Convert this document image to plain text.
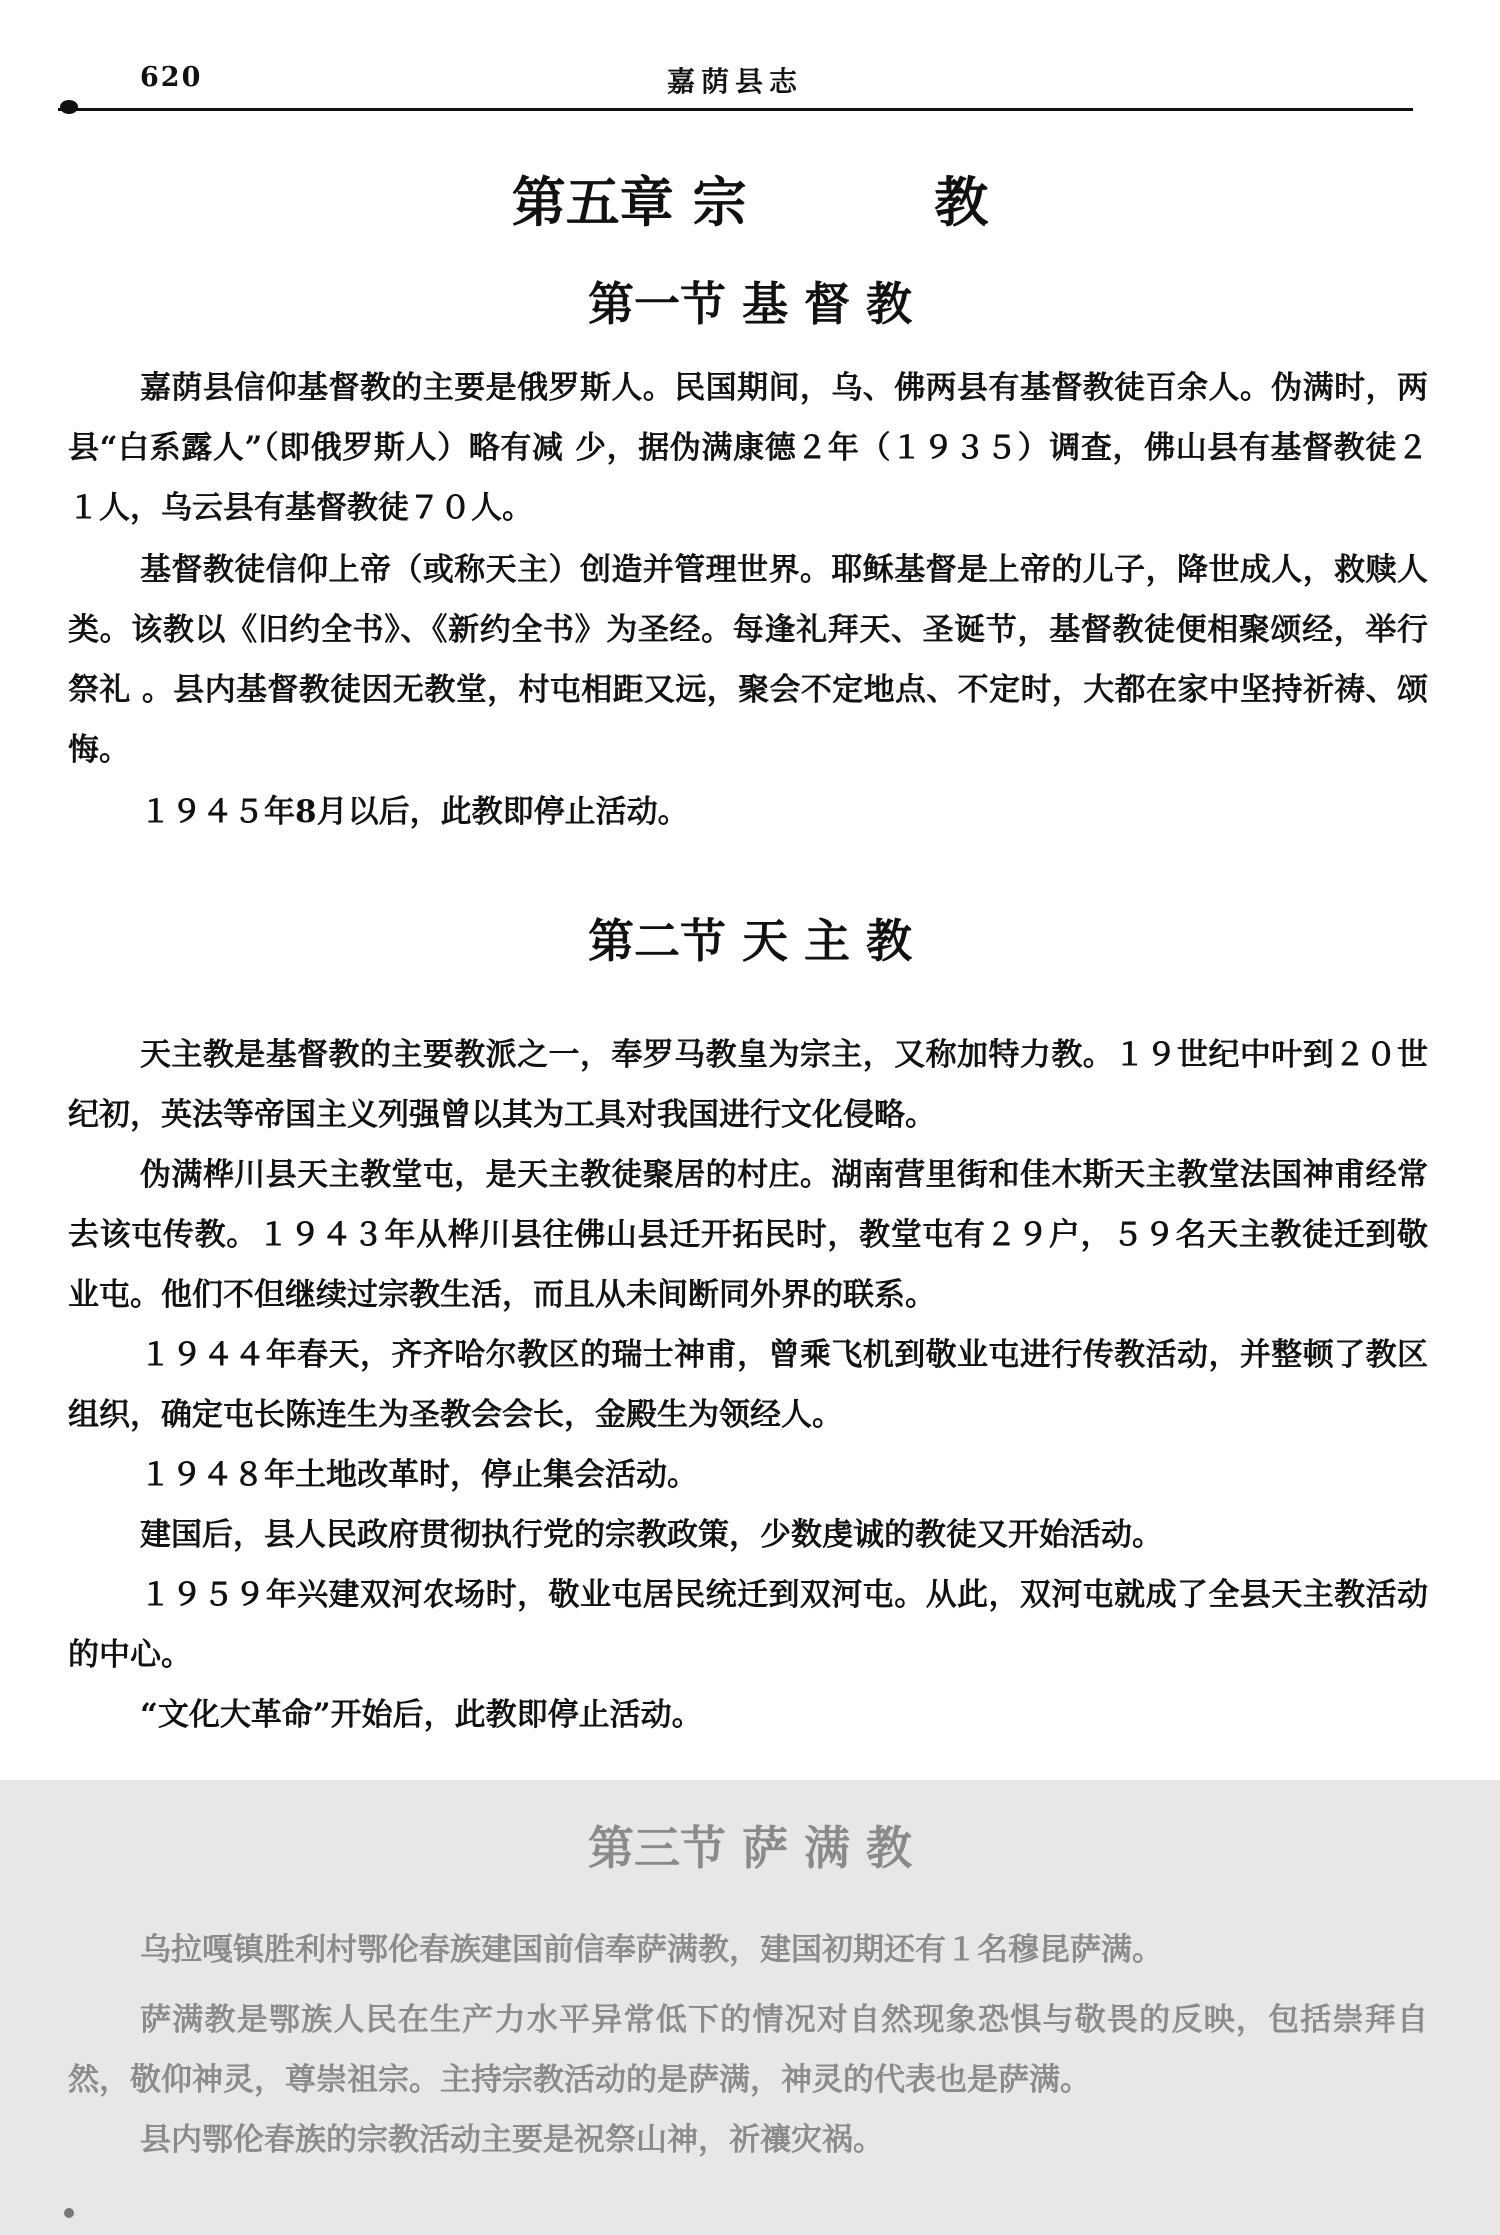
620	嘉荫县志
第五章 宗	教
第一节 基 督 教
嘉荫县信仰基督教的主要是俄罗斯人。民国期间，乌、佛两县有基督教徒百余人。伪满时，两县“白系露人”（即俄罗斯人）略有减 少，据伪满康德２年（１９３５）调查，佛山县有基督教徒２１人，乌云县有基督教徒７０人。
基督教徒信仰上帝（或称天主）创造并管理世界。耶稣基督是上帝的儿子，降世成人，救赎人类。该教以《旧约全书》、《新约全书》为圣经。每逢礼拜天、圣诞节，基督教徒便相聚颂经，举行 祭礼 。县内基督教徒因无教堂，村屯相距又远，聚会不定地点、不定时，大都在家中坚持祈祷、颂悔。
１９４５年8月以后，此教即停止活动。
第二节 天 主 教
天主教是基督教的主要教派之一，奉罗马教皇为宗主，又称加特力教。１９世纪中叶到２０世纪初，英法等帝国主义列强曾以其为工具对我国进行文化侵略。
伪满桦川县天主教堂屯，是天主教徒聚居的村庄。湖南营里街和佳木斯天主教堂法国神甫经常去该屯传教。１９４３年从桦川县往佛山县迁开拓民时，教堂屯有２９户，５９名天主教徒迁到敬业屯。他们不但继续过宗教生活，而且从未间断同外界的联系。
１９４４年春天，齐齐哈尔教区的瑞士神甫，曾乘飞机到敬业屯进行传教活动，并整顿了教区组织，确定屯长陈连生为圣教会会长，金殿生为领经人。
１９４８年土地改革时，停止集会活动。
建国后，县人民政府贯彻执行党的宗教政策，少数虔诚的教徒又开始活动。
１９５９年兴建双河农场时，敬业屯居民统迁到双河屯。从此，双河屯就成了全县天主教活动的中心。
“文化大革命”开始后，此教即停止活动。
第三节 萨 满 教
乌拉嘎镇胜利村鄂伦春族建国前信奉萨满教，建国初期还有１名穆昆萨满。
萨满教是鄂族人民在生产力水平异常低下的情况对自然现象恐惧与敬畏的反映，包括崇拜自然，敬仰神灵，尊崇祖宗。主持宗教活动的是萨满，神灵的代表也是萨满。
县内鄂伦春族的宗教活动主要是祝祭山神，祈禳灾祸。
